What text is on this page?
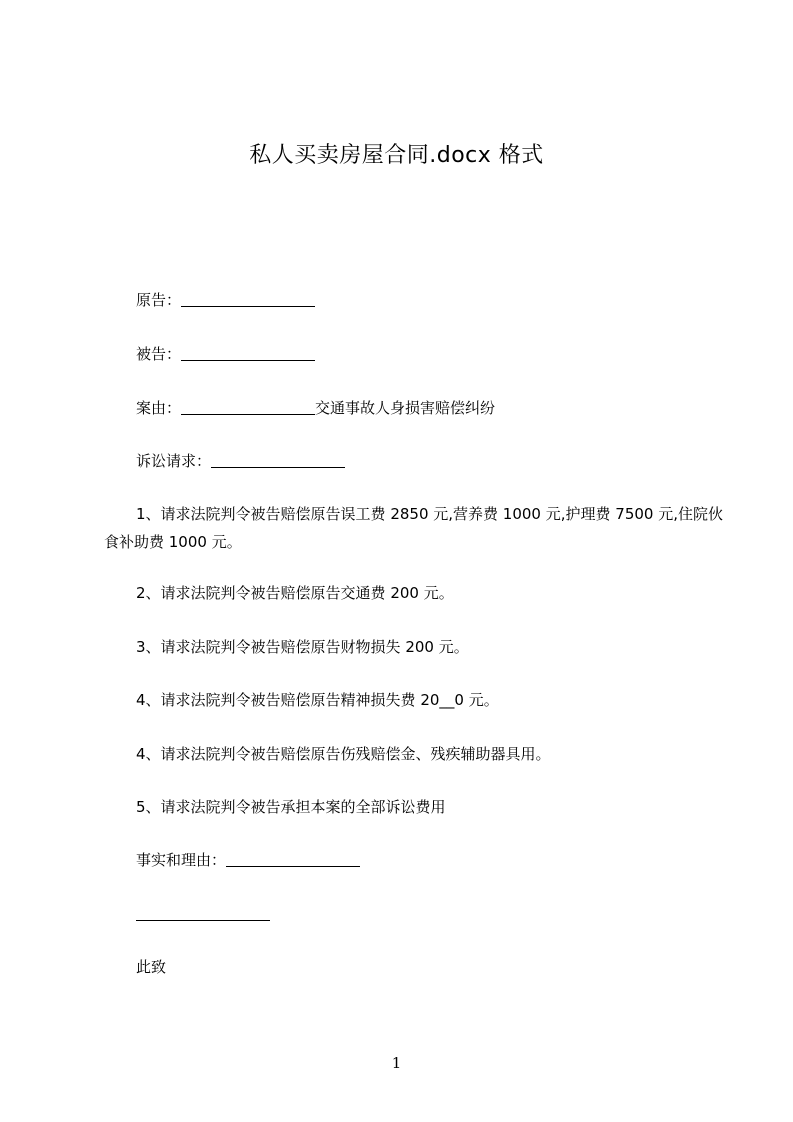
私人买卖房屋合同.docx 格式
原告：
被告：
案由：	交通事故人身损害赔偿纠纷
诉讼请求：
1、请求法院判令被告赔偿原告误工费 2850 元,营养费 1000 元,护理费 7500 元,住院伙食补助费 1000 元。
2、请求法院判令被告赔偿原告交通费 200 元。
3、请求法院判令被告赔偿原告财物损失 200 元。
4、请求法院判令被告赔偿原告精神损失费 20__0 元。
4、请求法院判令被告赔偿原告伤残赔偿金、残疾辅助器具用。
5、请求法院判令被告承担本案的全部诉讼费用
事实和理由：
此致
1
